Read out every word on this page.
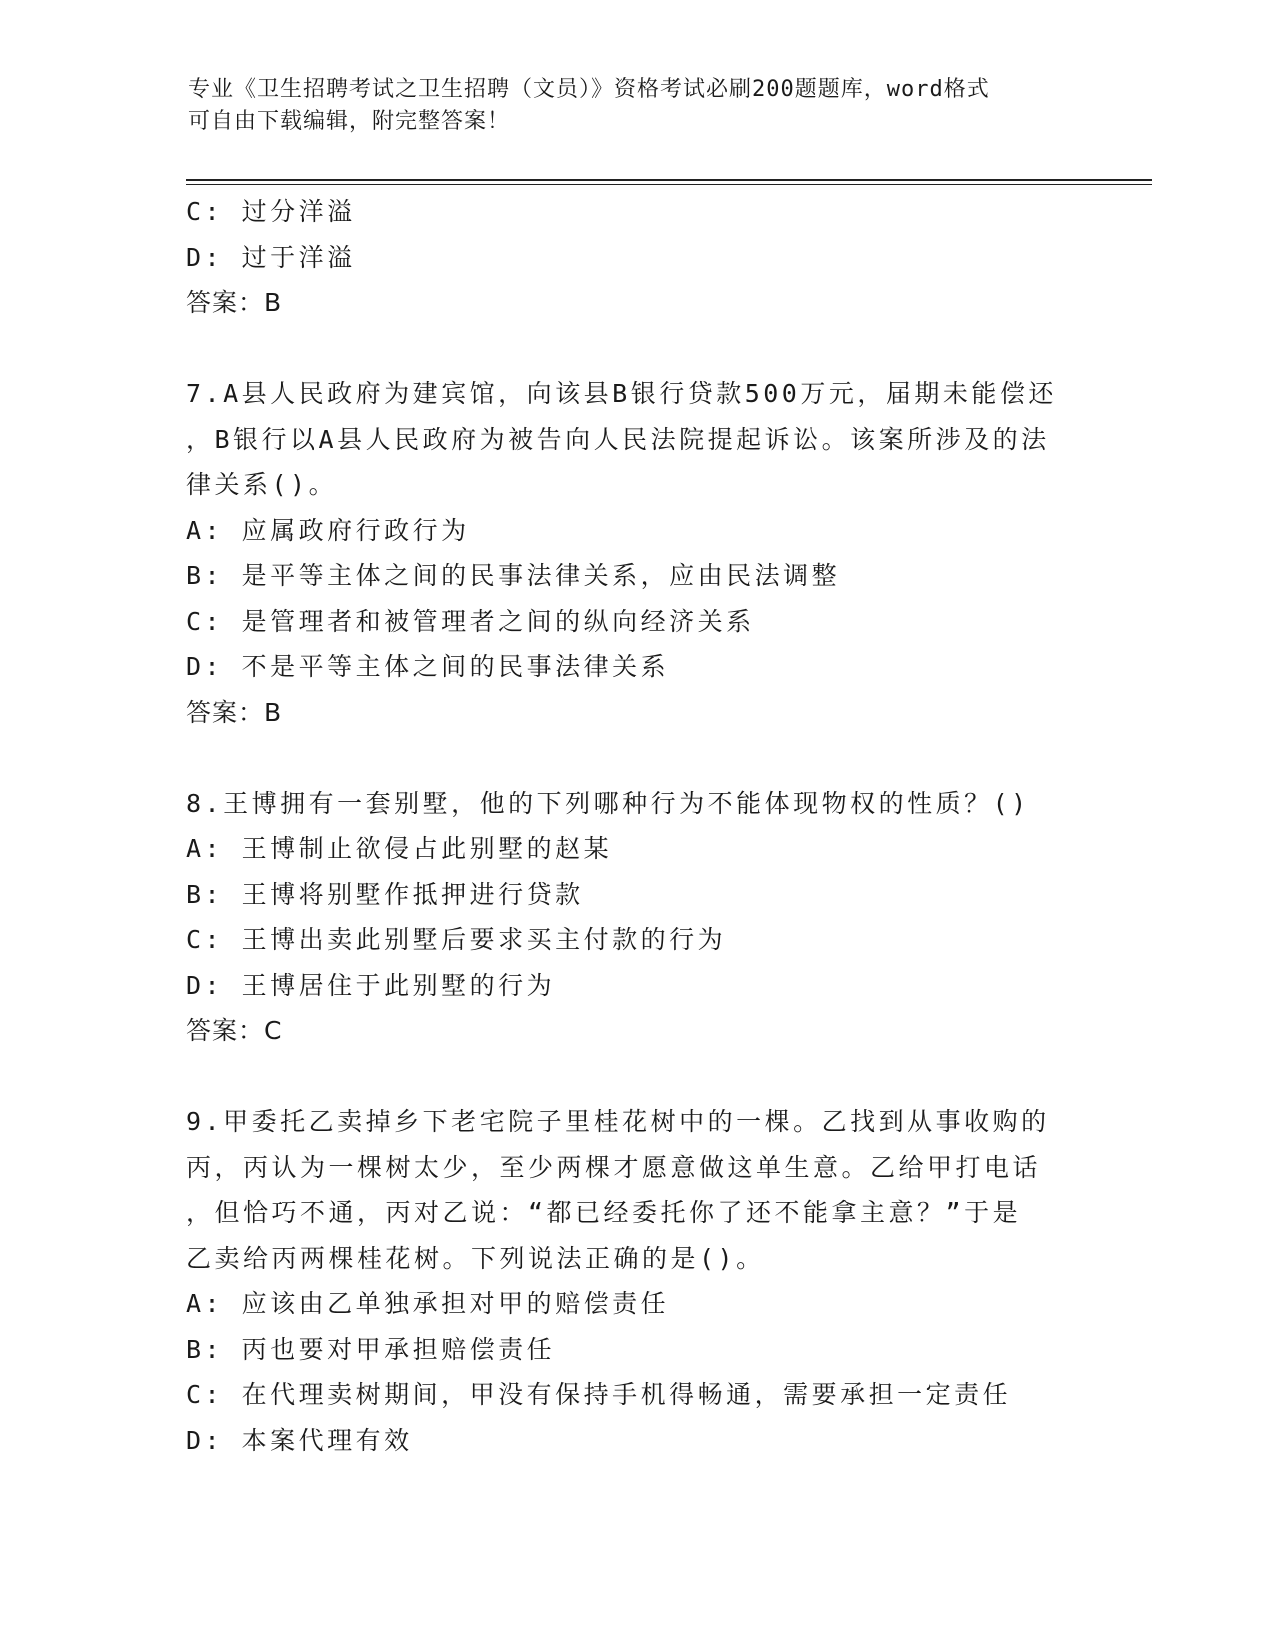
专业《卫生招聘考试之卫生招聘（文员）》资格考试必刷200题题库，word格式
可自由下载编辑，附完整答案！
C: 过分洋溢
D: 过于洋溢
答案：B
7.A县人民政府为建宾馆，向该县B银行贷款500万元，届期未能偿还
，B银行以A县人民政府为被告向人民法院提起诉讼。该案所涉及的法
律关系()。
A: 应属政府行政行为
B: 是平等主体之间的民事法律关系，应由民法调整
C: 是管理者和被管理者之间的纵向经济关系
D: 不是平等主体之间的民事法律关系
答案：B
8.王博拥有一套别墅，他的下列哪种行为不能体现物权的性质？()
A: 王博制止欲侵占此别墅的赵某
B: 王博将别墅作抵押进行贷款
C: 王博出卖此别墅后要求买主付款的行为
D: 王博居住于此别墅的行为
答案：C
9.甲委托乙卖掉乡下老宅院子里桂花树中的一棵。乙找到从事收购的
丙，丙认为一棵树太少，至少两棵才愿意做这单生意。乙给甲打电话
，但恰巧不通，丙对乙说：“都已经委托你了还不能拿主意？”于是
乙卖给丙两棵桂花树。下列说法正确的是()。
A: 应该由乙单独承担对甲的赔偿责任
B: 丙也要对甲承担赔偿责任
C: 在代理卖树期间，甲没有保持手机得畅通，需要承担一定责任
D: 本案代理有效
